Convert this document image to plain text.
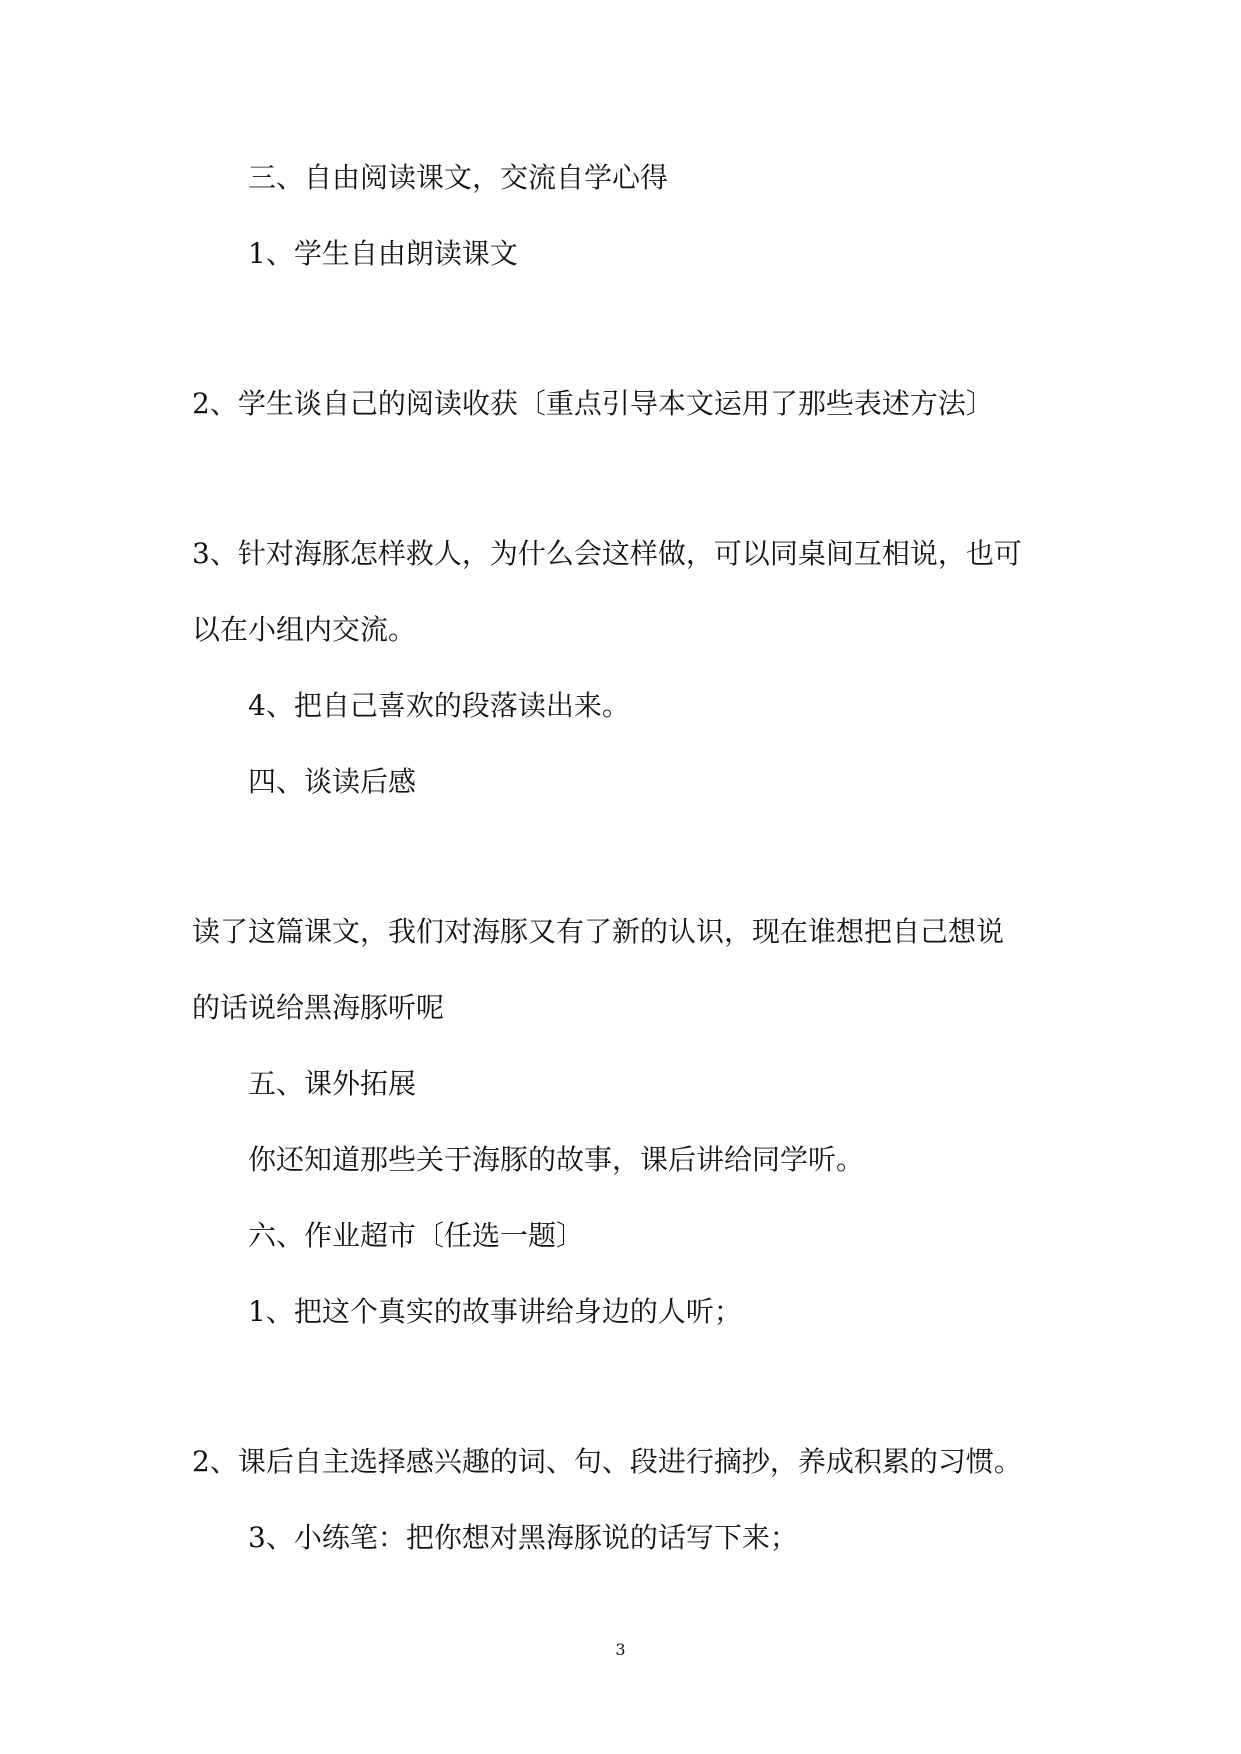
三、自由阅读课文，交流自学心得
1、学生自由朗读课文
2、学生谈自己的阅读收获〔重点引导本文运用了那些表述方法〕
3、针对海豚怎样救人，为什么会这样做，可以同桌间互相说，也可
以在小组内交流。
4、把自己喜欢的段落读出来。
四、谈读后感
读了这篇课文，我们对海豚又有了新的认识，现在谁想把自己想说
的话说给黑海豚听呢
五、课外拓展
你还知道那些关于海豚的故事，课后讲给同学听。
六、作业超市〔任选一题〕
1、把这个真实的故事讲给身边的人听；
2、课后自主选择感兴趣的词、句、段进行摘抄，养成积累的习惯。
3、小练笔：把你想对黑海豚说的话写下来；
3
